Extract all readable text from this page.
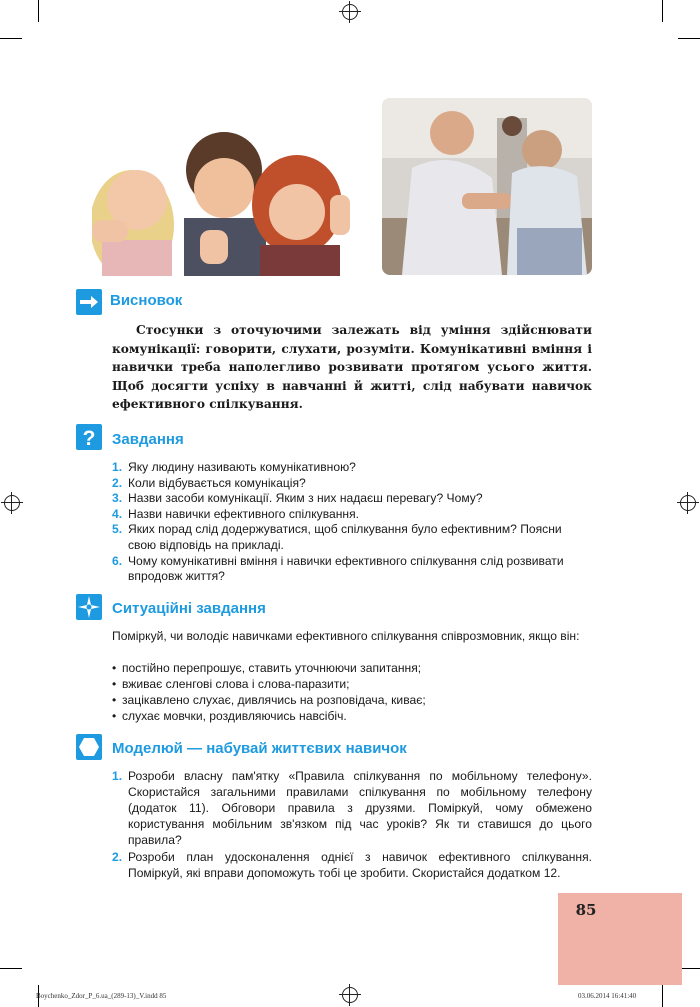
Висновок
Стосунки з оточуючими залежать від уміння здійснювати комунікації: говорити, слухати, розуміти. Комунікативні вміння і навички треба наполегливо розвивати протягом усього життя. Щоб досягти успіху в навчанні й житті, слід набувати навичок ефективного спілкування.
? Завдання
1. Яку людину називають комунікативною?
2. Коли відбувається комунікація?
3. Назви засоби комунікації. Яким з них надаєш перевагу? Чому?
4. Назви навички ефективного спілкування.
5. Яких порад слід додержуватися, щоб спілкування було ефективним? Поясни свою відповідь на прикладі.
6. Чому комунікативні вміння і навички ефективного спілкування слід розвивати впродовж життя?
Ситуаційні завдання
Поміркуй, чи володіє навичками ефективного спілкування співрозмовник, якщо він:
• постійно перепрошує, ставить уточнюючи запитання;
• вживає сленгові слова і слова-паразити;
• зацікавлено слухає, дивлячись на розповідача, киває;
• слухає мовчки, роздивляючись навсібіч.
Моделюй — набувай життєвих навичок
1. Розроби власну пам'ятку «Правила спілкування по мобільному телефону». Скористайся загальними правилами спілкування по мобільному телефону (додаток 11). Обговори правила з друзями. Поміркуй, чому обмежено користування мобільним зв'язком під час уроків? Як ти ставишся до цього правила?
2. Розроби план удосконалення однієї з навичок ефективного спілкування. Поміркуй, які вправи допоможуть тобі це зробити. Скористайся додатком 12.
85
Boychenko_Zdor_P_6.ua_(289-13)_V.indd 85	03.06.2014 16:41:40
